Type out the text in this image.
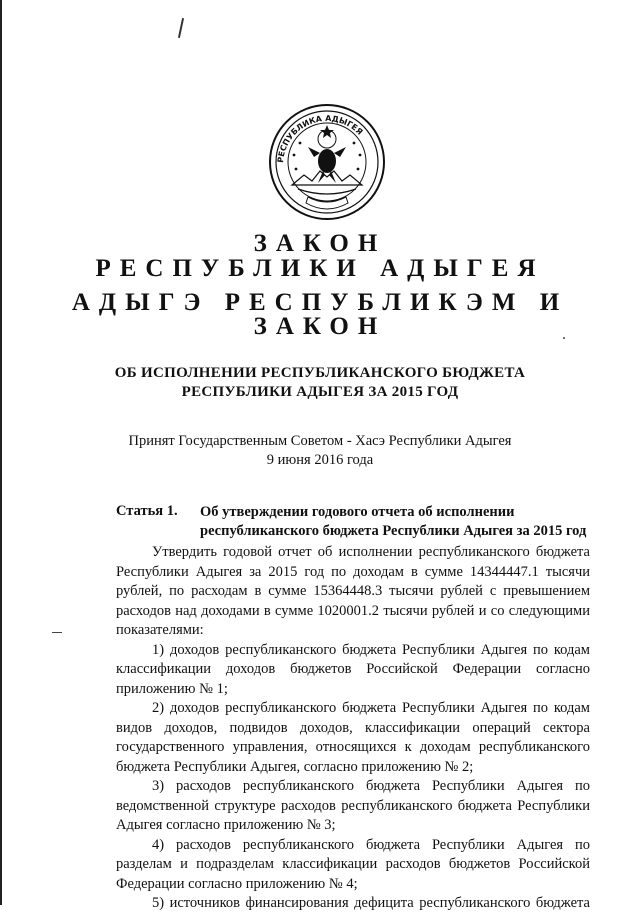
РЕСПУБЛИКА АДЫГЕЯ
ЗАКОН
РЕСПУБЛИКИ АДЫГЕЯ
АДЫГЭ РЕСПУБЛИКЭМ И
ЗАКОН
ОБ ИСПОЛНЕНИИ РЕСПУБЛИКАНСКОГО БЮДЖЕТА
РЕСПУБЛИКИ АДЫГЕЯ ЗА 2015 ГОД
Принят Государственным Советом - Хасэ Республики Адыгея
9 июня 2016 года
Статья 1. Об утверждении годового отчета об исполнении республиканского бюджета Республики Адыгея за 2015 год

Утвердить годовой отчет об исполнении республиканского бюджета Республики Адыгея за 2015 год по доходам в сумме 14344447.1 тысячи рублей, по расходам в сумме 15364448.3 тысячи рублей с превышением расходов над доходами в сумме 1020001.2 тысячи рублей и со следующими показателями:

1) доходов республиканского бюджета Республики Адыгея по кодам классификации доходов бюджетов Российской Федерации согласно приложению № 1;

2) доходов республиканского бюджета Республики Адыгея по кодам видов доходов, подвидов доходов, классификации операций сектора государственного управления, относящихся к доходам республиканского бюджета Республики Адыгея, согласно приложению № 2;

3) расходов республиканского бюджета Республики Адыгея по ведомственной структуре расходов республиканского бюджета Республики Адыгея согласно приложению № 3;

4) расходов республиканского бюджета Республики Адыгея по разделам и подразделам классификации расходов бюджетов Российской Федерации согласно приложению № 4;

5) источников финансирования дефицита республиканского бюджета
